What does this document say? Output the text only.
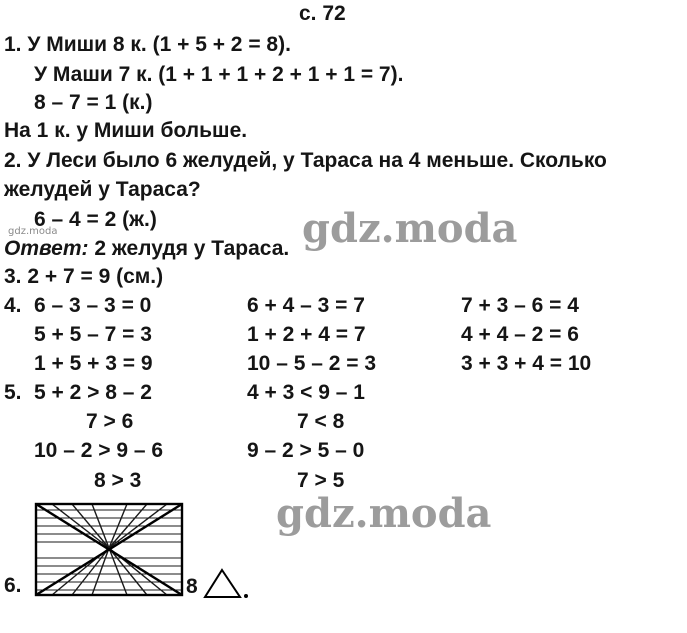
с. 72
1. У Миши 8 к. (1 + 5 + 2 = 8).
У Маши 7 к. (1 + 1 + 1 + 2 + 1 + 1 = 7).
8 – 7 = 1 (к.)
На 1 к. у Миши больше.
2. У Леси было 6 желудей, у Тараса на 4 меньше. Сколько
желудей у Тараса?
6 – 4 = 2 (ж.)
Ответ: 2 желудя у Тараса.
3. 2 + 7 = 9 (см.)
4. 6 – 3 – 3 = 0	6 + 4 – 3 = 7	7 + 3 – 6 = 4
5 + 5 – 7 = 3	1 + 2 + 4 = 7	4 + 4 – 2 = 6
1 + 5 + 3 = 9	10 – 5 – 2 = 3	3 + 3 + 4 = 10
5. 5 + 2 > 8 – 2	4 + 3 < 9 – 1
7 > 6	7 < 8
10 – 2 > 9 – 6	9 – 2 > 5 – 0
8 > 3	7 > 5
6.	8
gdz.moda
gdz.moda
gdz.moda
